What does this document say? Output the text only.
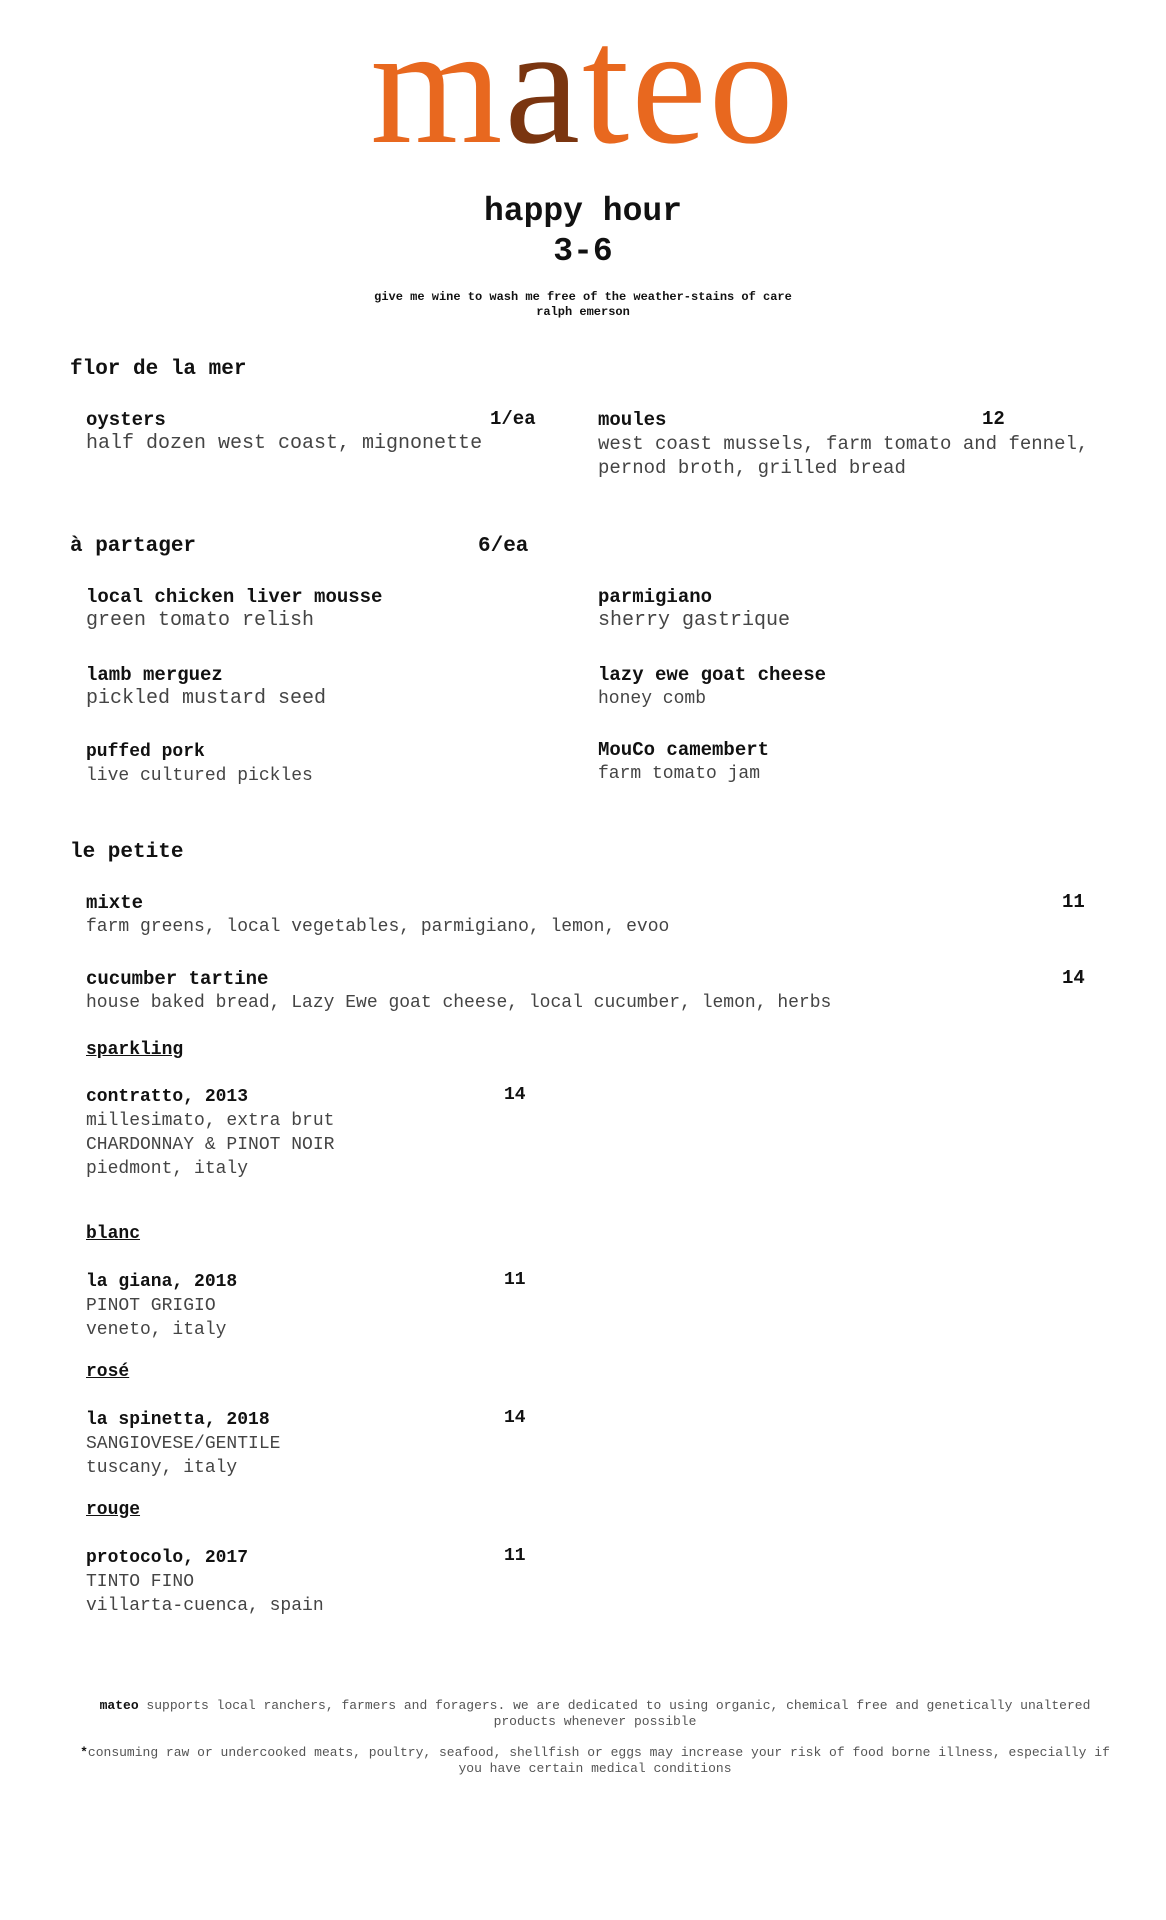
mateo
happy hour
3-6
give me wine to wash me free of the weather-stains of care
ralph emerson
flor de la mer
oysters
half dozen west coast, mignonette
1/ea	moules
west coast mussels, farm tomato and fennel,
pernod broth, grilled bread
12
à partager	6/ea
local chicken liver mousse
green tomato relish
parmigiano
sherry gastrique
lamb merguez
pickled mustard seed
lazy ewe goat cheese
honey comb
puffed pork
live cultured pickles
MouCo camembert
farm tomato jam
le petite
mixte
farm greens, local vegetables, parmigiano, lemon, evoo
11
cucumber tartine
house baked bread, Lazy Ewe goat cheese, local cucumber, lemon, herbs
14
sparkling
contratto, 2013
millesimato, extra brut
CHARDONNAY & PINOT NOIR
piedmont, italy
14
blanc
la giana, 2018
PINOT GRIGIO
veneto, italy
11
rosé
la spinetta, 2018
SANGIOVESE/GENTILE
tuscany, italy
14
rouge
protocolo, 2017
TINTO FINO
villarta-cuenca, spain
11
mateo supports local ranchers, farmers and foragers. we are dedicated to using organic, chemical free and genetically unaltered products whenever possible
*consuming raw or undercooked meats, poultry, seafood, shellfish or eggs may increase your risk of food borne illness, especially if you have certain medical conditions
